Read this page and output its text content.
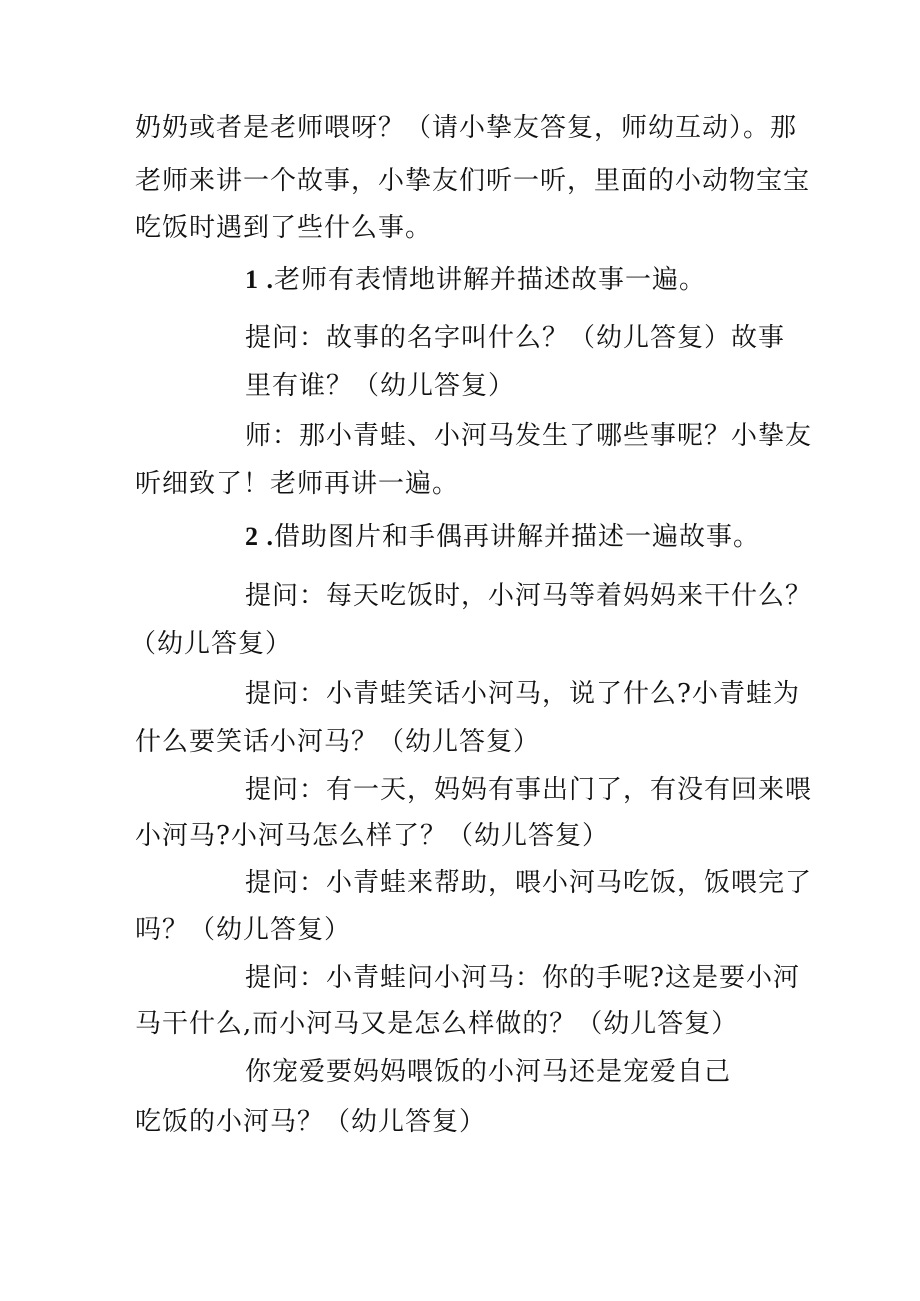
奶奶或者是老师喂呀？（请小挚友答复，师幼互动）。那
老师来讲一个故事，小挚友们听一听，里面的小动物宝宝
吃饭时遇到了些什么事。
1 .老师有表情地讲解并描述故事一遍。
提问：故事的名字叫什么？（幼儿答复）故事
里有谁？（幼儿答复）
师：那小青蛙、小河马发生了哪些事呢？小挚友
听细致了！老师再讲一遍。
2 .借助图片和手偶再讲解并描述一遍故事。
提问：每天吃饭时，小河马等着妈妈来干什么？
（幼儿答复）
提问：小青蛙笑话小河马，说了什么?小青蛙为
什么要笑话小河马？（幼儿答复）
提问：有一天，妈妈有事出门了，有没有回来喂
小河马?小河马怎么样了？（幼儿答复）
提问：小青蛙来帮助，喂小河马吃饭，饭喂完了
吗？（幼儿答复）
提问：小青蛙问小河马：你的手呢?这是要小河
马干什么,而小河马又是怎么样做的？（幼儿答复）
你宠爱要妈妈喂饭的小河马还是宠爱自己
吃饭的小河马？（幼儿答复）
